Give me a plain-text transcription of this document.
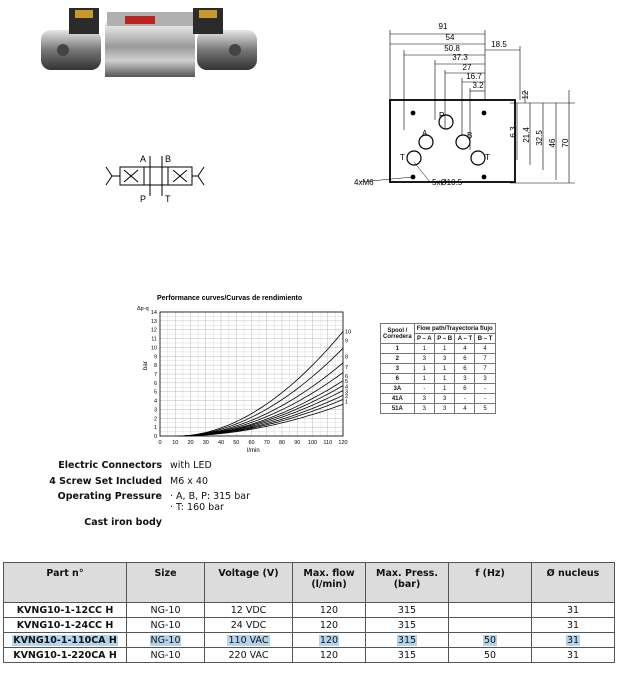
91
54
50.8	18.5
37.3
27
16.7
3.2
12
6.3 21.4 32.5 46 70
4xM6	5xØ10.5
P
A	B
T	T
A B
P T
Performance curves/Curvas de rendimiento
Δp-q
bar
l/min
0 10 20 30 40 50 60 70 80 90 100 110 120
0
1
2
3
4
5
6
7
8
9
10
11
12
13
14
1
2
3
4
5
6
7
8
9
10	Spool /
Corredera	Flow path/Trayectoria flujo			
	P – A	P – B	A – T	B – T
1	1	1	4	4
2	3	3	6	7
3	1	1	6	7
6	1	1	3	3
3A	-	1	6	-
41A	3	3	-	-
51A	3	3	4	5
Electric Connectors with LED
4 Screw Set Included M6 x 40
Operating Pressure · A, B, P: 315 bar
· T: 160 bar
Cast iron body
Part n°	Size	Voltage (V)	Max. flow (l/min)	Max. Press. (bar)	f (Hz)	Ø nucleus
KVNG10-1-12CC H	NG-10	12 VDC	120	315		31
KVNG10-1-24CC H	NG-10	24 VDC	120	315		31
KVNG10-1-110CA H	NG-10	110 VAC	120	315	50	31
KVNG10-1-220CA H	NG-10	220 VAC	120	315	50	31
